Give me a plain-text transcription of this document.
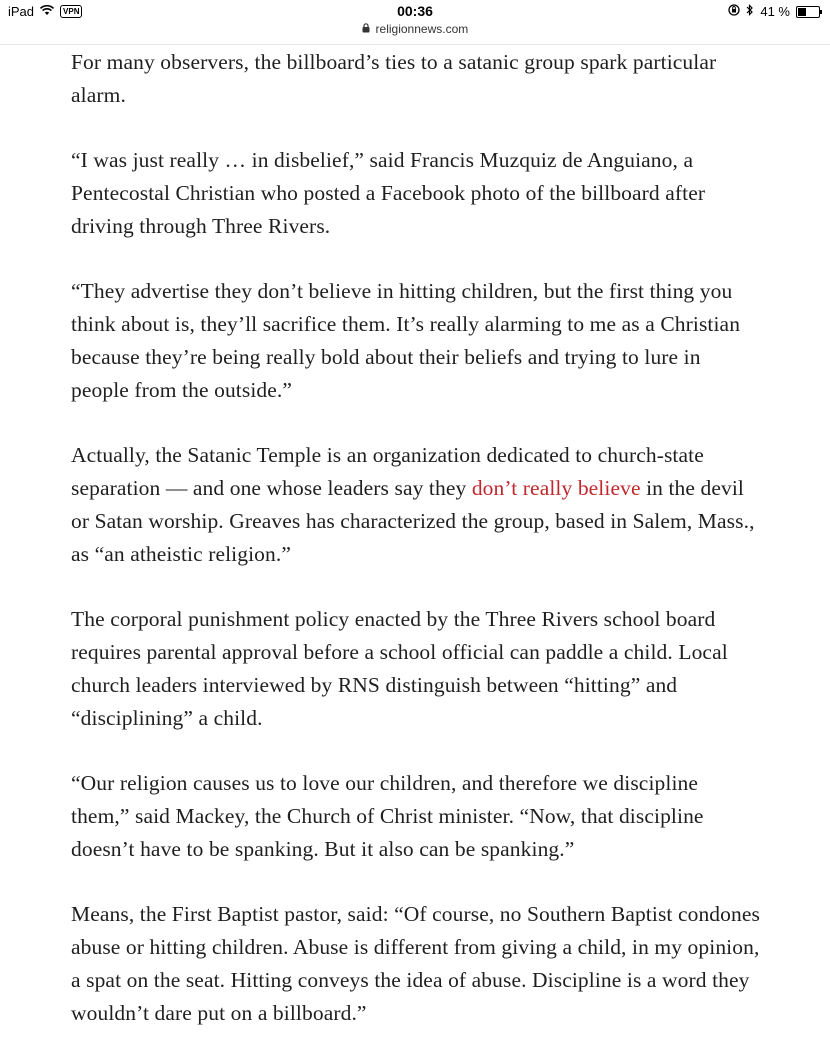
iPad	VPN	00:36	41 %
religionnews.com

For many observers, the billboard’s ties to a satanic group spark particular alarm.

“I was just really … in disbelief,” said Francis Muzquiz de Anguiano, a Pentecostal Christian who posted a Facebook photo of the billboard after driving through Three Rivers.

“They advertise they don’t believe in hitting children, but the first thing you think about is, they’ll sacrifice them. It’s really alarming to me as a Christian because they’re being really bold about their beliefs and trying to lure in people from the outside.”

Actually, the Satanic Temple is an organization dedicated to church-state separation — and one whose leaders say they don’t really believe in the devil or Satan worship. Greaves has characterized the group, based in Salem, Mass., as “an atheistic religion.”

The corporal punishment policy enacted by the Three Rivers school board requires parental approval before a school official can paddle a child. Local church leaders interviewed by RNS distinguish between “hitting” and “disciplining” a child.

“Our religion causes us to love our children, and therefore we discipline them,” said Mackey, the Church of Christ minister. “Now, that discipline doesn’t have to be spanking. But it also can be spanking.”

Means, the First Baptist pastor, said: “Of course, no Southern Baptist condones abuse or hitting children. Abuse is different from giving a child, in my opinion, a spat on the seat. Hitting conveys the idea of abuse. Discipline is a word they wouldn’t dare put on a billboard.”
